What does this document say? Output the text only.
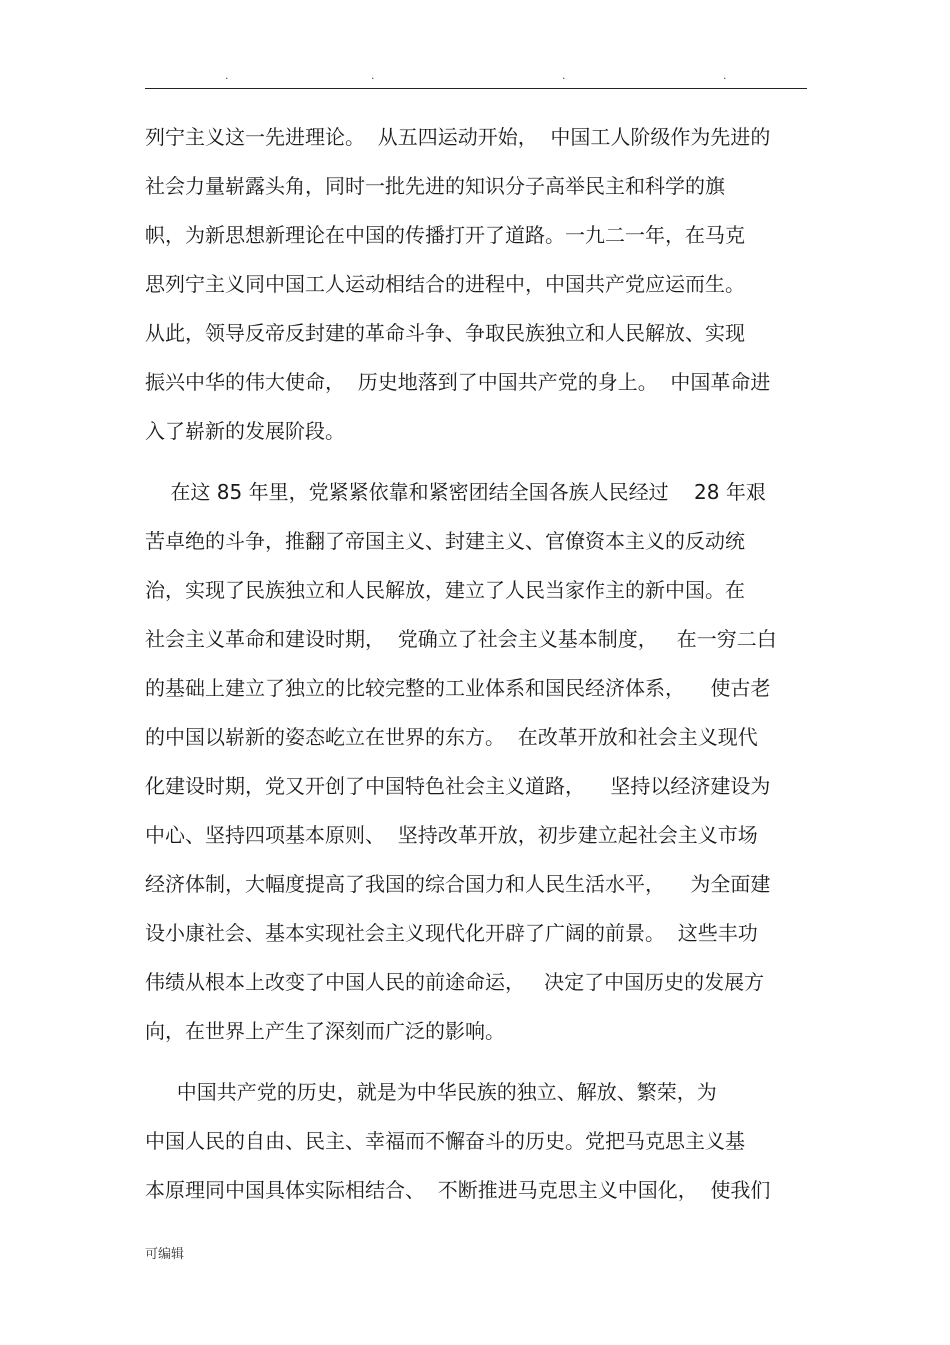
.	.	.	.
列宁主义这一先进理论。  从五四运动开始，  中国工人阶级作为先进的
社会力量崭露头角，同时一批先进的知识分子高举民主和科学的旗
帜，为新思想新理论在中国的传播打开了道路。一九二一年，在马克
思列宁主义同中国工人运动相结合的进程中，中国共产党应运而生。
从此，领导反帝反封建的革命斗争、争取民族独立和人民解放、实现
振兴中华的伟大使命，  历史地落到了中国共产党的身上。  中国革命进
入了崭新的发展阶段。
在这 85 年里，党紧紧依靠和紧密团结全国各族人民经过    28 年艰
苦卓绝的斗争，推翻了帝国主义、封建主义、官僚资本主义的反动统
治，实现了民族独立和人民解放，建立了人民当家作主的新中国。在
社会主义革命和建设时期，  党确立了社会主义基本制度，   在一穷二白
的基础上建立了独立的比较完整的工业体系和国民经济体系，    使古老
的中国以崭新的姿态屹立在世界的东方。  在改革开放和社会主义现代
化建设时期，党又开创了中国特色社会主义道路，    坚持以经济建设为
中心、坚持四项基本原则、  坚持改革开放，初步建立起社会主义市场
经济体制，大幅度提高了我国的综合国力和人民生活水平，    为全面建
设小康社会、基本实现社会主义现代化开辟了广阔的前景。  这些丰功
伟绩从根本上改变了中国人民的前途命运，   决定了中国历史的发展方
向，在世界上产生了深刻而广泛的影响。
中国共产党的历史，就是为中华民族的独立、解放、繁荣，为
中国人民的自由、民主、幸福而不懈奋斗的历史。党把马克思主义基
本原理同中国具体实际相结合、  不断推进马克思主义中国化，  使我们
可编辑
